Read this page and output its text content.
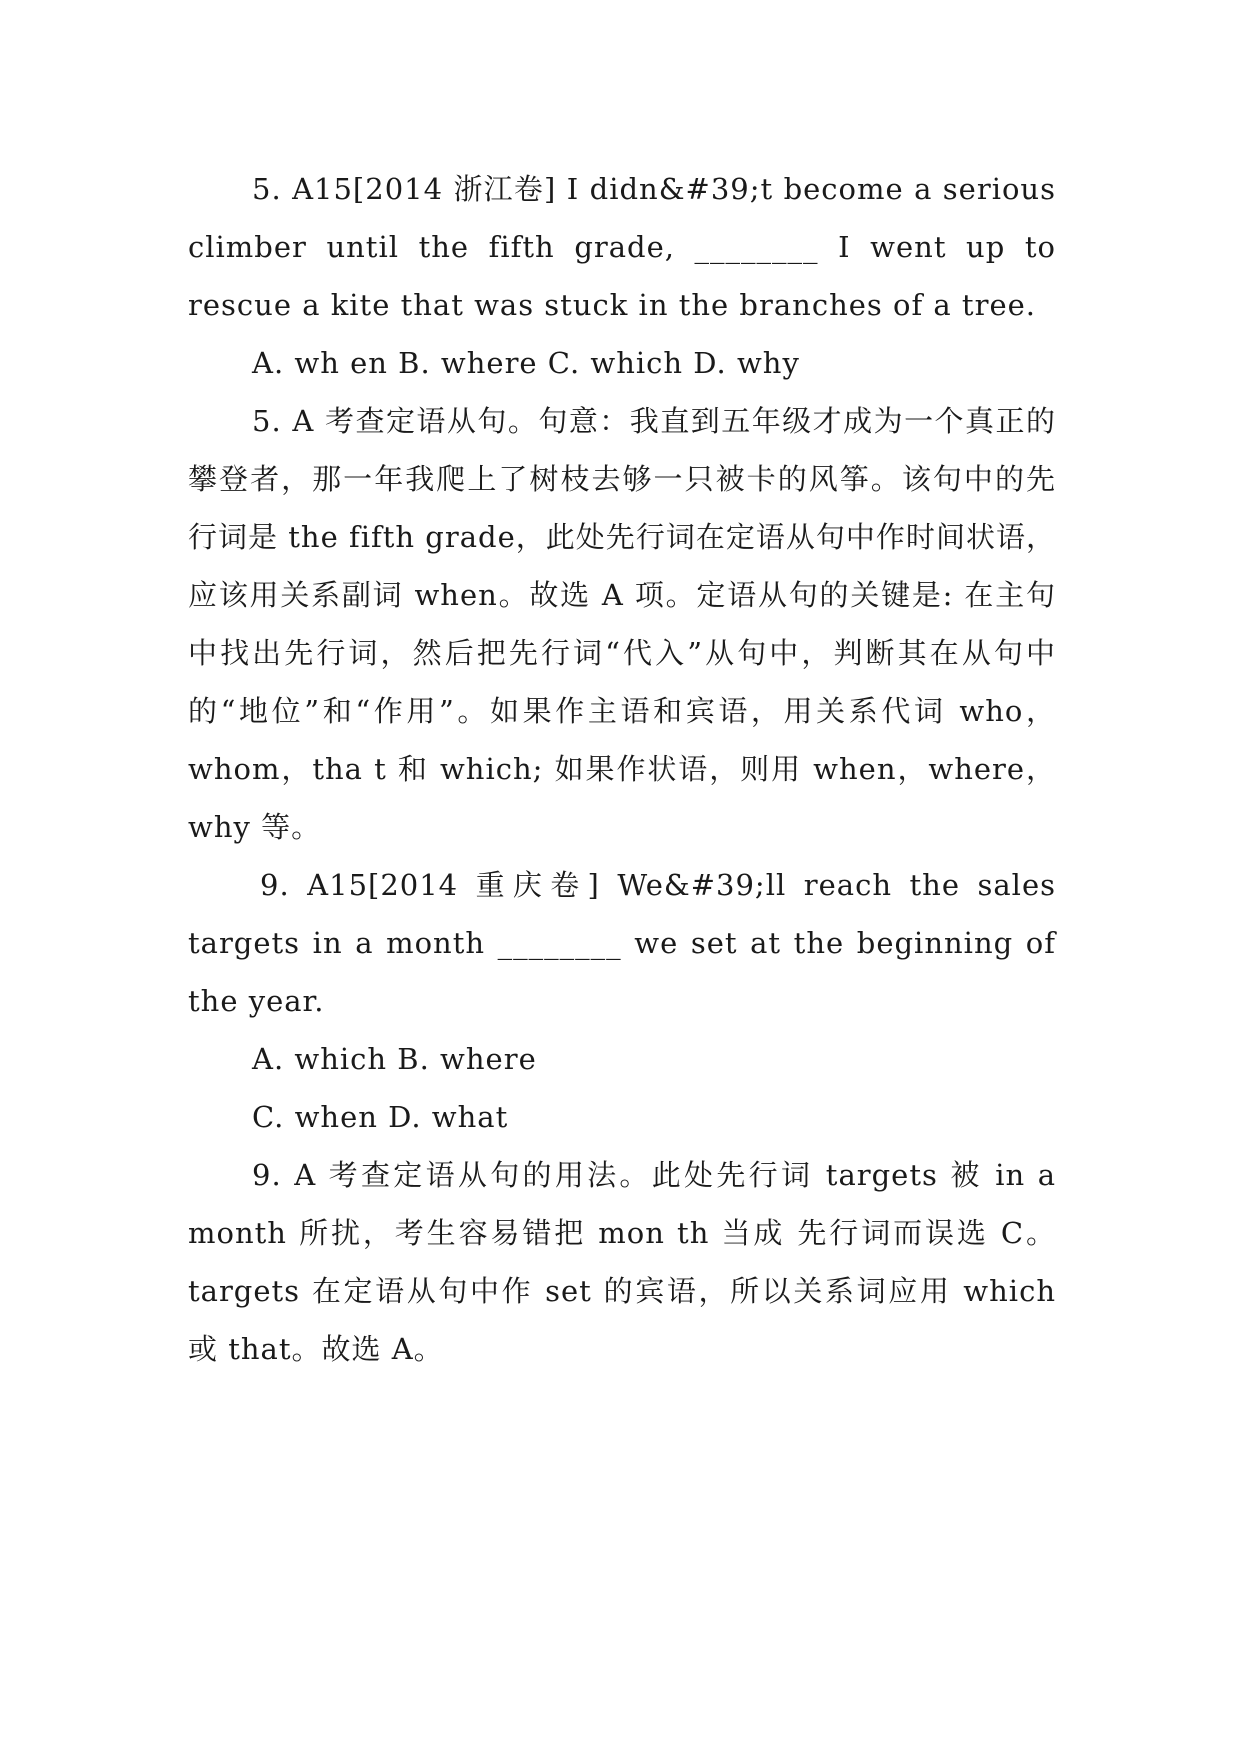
5. A15[2014 浙江卷] I didn&#39;t become a serious climber until the fifth grade, ________ I went up to rescue a kite that was stuck in the branches of a tree.

A. wh en B. where C. which D. why

5. A 考查定语从句。句意：我直到五年级才成为一个真正的攀登者，那一年我爬上了树枝去够一只被卡的风筝。该句中的先行词是 the fifth grade，此处先行词在定语从句中作时间状语，应该用关系副词 when。故选 A 项。定语从句的关键是: 在主句中找出先行词，然后把先行词“代入”从句中，判断其在从句中的“地位”和“作用”。如果作主语和宾语，用关系代词 who，whom，tha t 和 which; 如果作状语，则用 when，where，why 等。

9. A15[2014 重庆卷] We&#39;ll reach the sales targets in a month ________ we set at the beginning of the year.

A. which B. where

C. when D. what

9. A 考查定语从句的用法。此处先行词 targets 被 in a month 所扰，考生容易错把 mon th 当成 先行词而误选 C。targets 在定语从句中作 set 的宾语，所以关系词应用 which 或 that。故选 A。
